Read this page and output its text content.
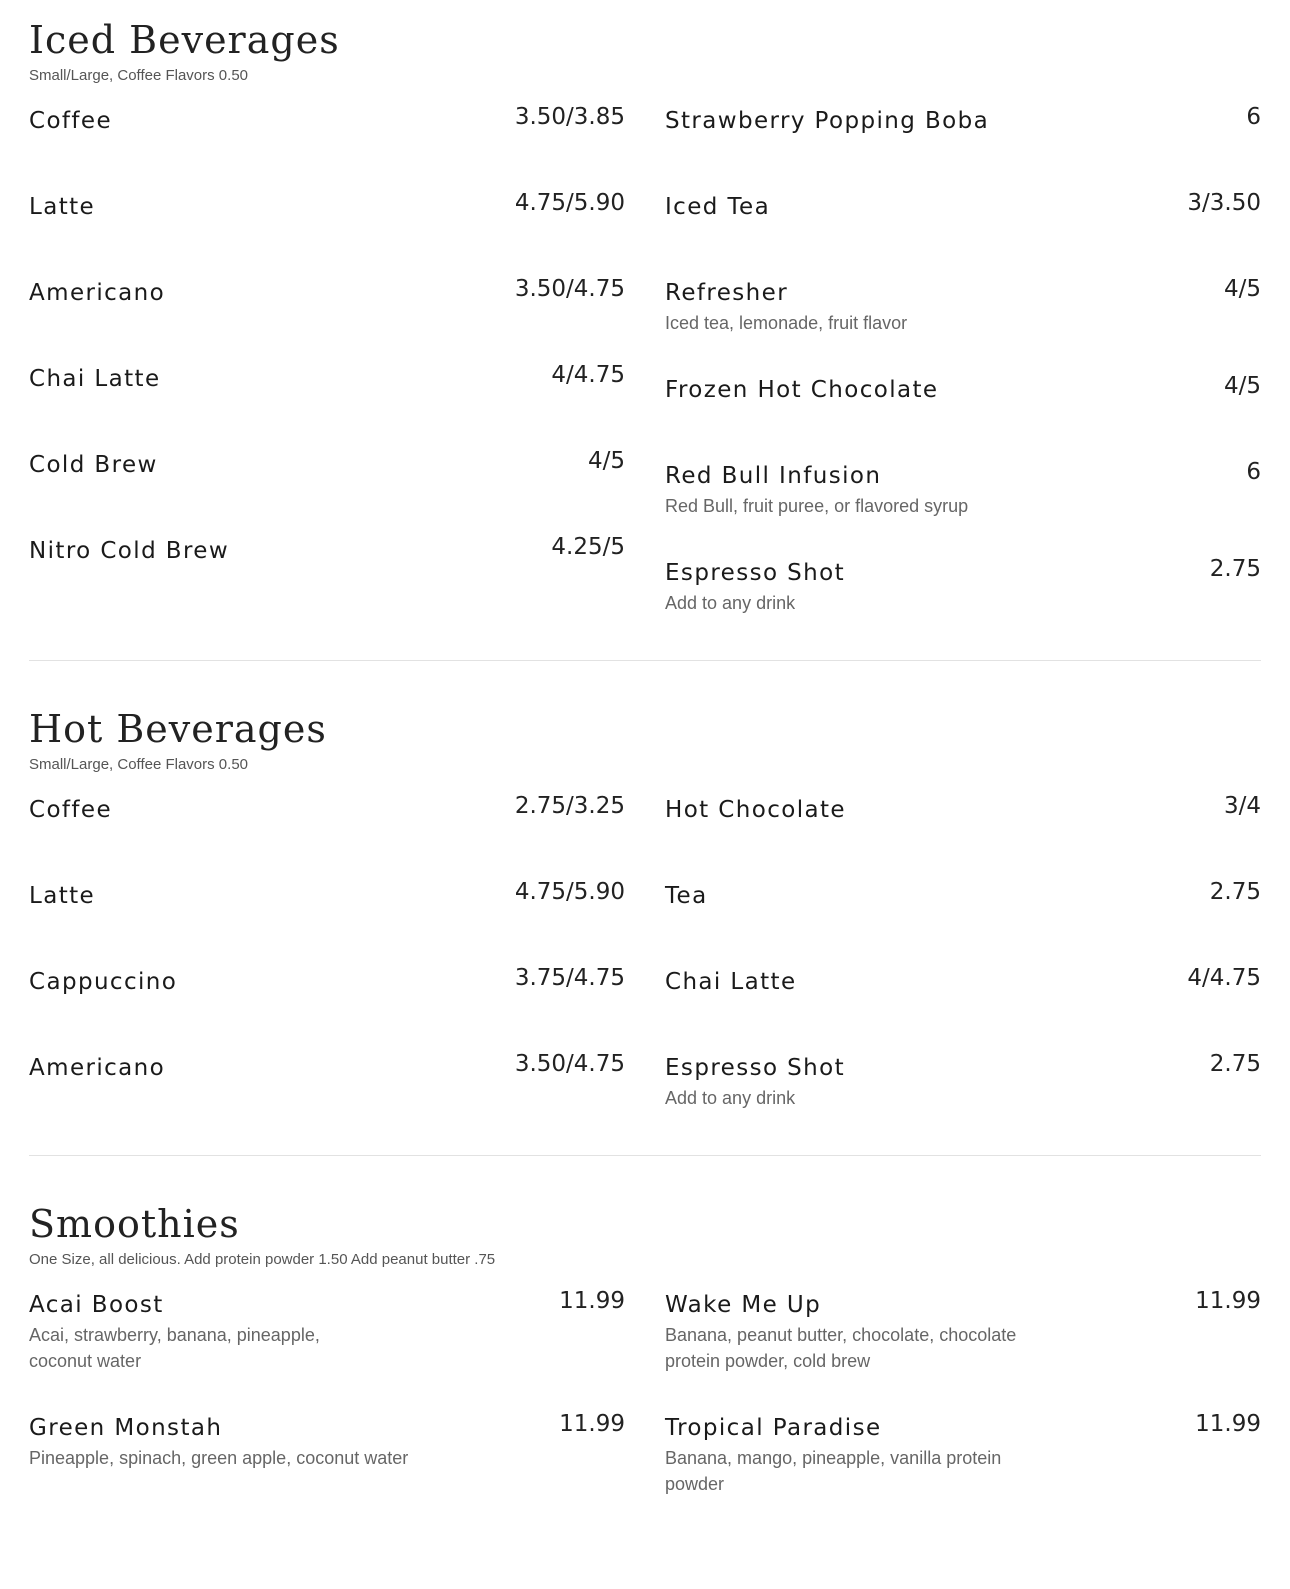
Iced Beverages
Small/Large, Coffee Flavors 0.50
Coffee	3.50/3.85
Latte	4.75/5.90
Americano	3.50/4.75
Chai Latte	4/4.75
Cold Brew	4/5
Nitro Cold Brew	4.25/5
Strawberry Popping Boba	6
Iced Tea	3/3.50
Refresher	4/5
Iced tea, lemonade, fruit flavor
Frozen Hot Chocolate	4/5
Red Bull Infusion	6
Red Bull, fruit puree, or flavored syrup
Espresso Shot	2.75
Add to any drink
Hot Beverages
Small/Large, Coffee Flavors 0.50
Coffee	2.75/3.25
Latte	4.75/5.90
Cappuccino	3.75/4.75
Americano	3.50/4.75
Hot Chocolate	3/4
Tea	2.75
Chai Latte	4/4.75
Espresso Shot	2.75
Add to any drink
Smoothies
One Size, all delicious. Add protein powder 1.50 Add peanut butter .75
Acai Boost	11.99
Acai, strawberry, banana, pineapple,
coconut water
Green Monstah	11.99
Pineapple, spinach, green apple, coconut water
Wake Me Up	11.99
Banana, peanut butter, chocolate, chocolate
protein powder, cold brew
Tropical Paradise	11.99
Banana, mango, pineapple, vanilla protein powder
